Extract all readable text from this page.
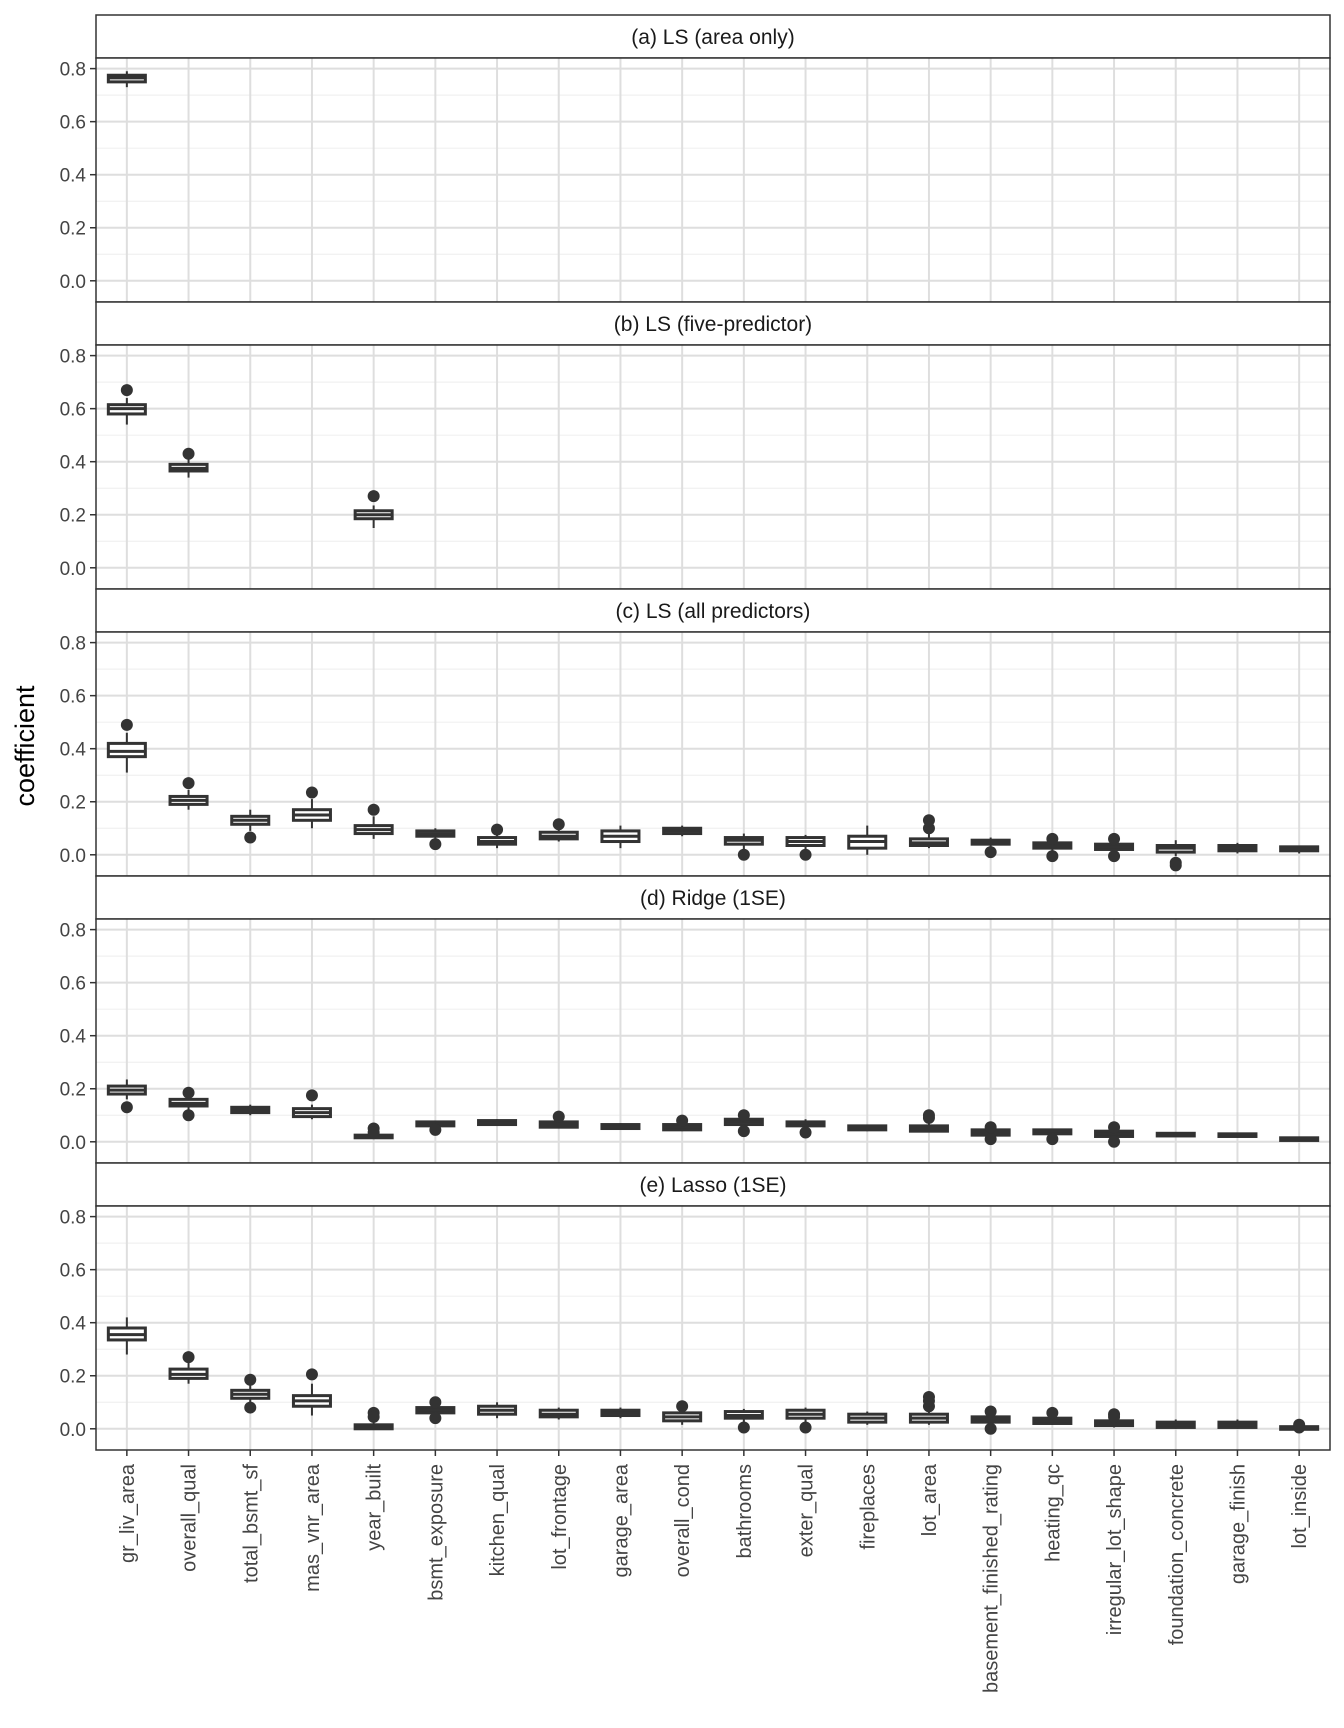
coefficient
(a) LS (area only)
0.0
0.2
0.4
0.6
0.8
(b) LS (five-predictor)
0.0
0.2
0.4
0.6
0.8
(c) LS (all predictors)
0.0
0.2
0.4
0.6
0.8
(d) Ridge (1SE)
0.0
0.2
0.4
0.6
0.8
(e) Lasso (1SE)
0.0
0.2
0.4
0.6
0.8
gr_liv_area overall_qual total_bsmt_sf mas_vnr_area year_built bsmt_exposure kitchen_qual lot_frontage garage_area overall_cond bathrooms exter_qual fireplaces lot_area basement_finished_rating heating_qc irregular_lot_shape foundation_concrete garage_finish lot_inside
